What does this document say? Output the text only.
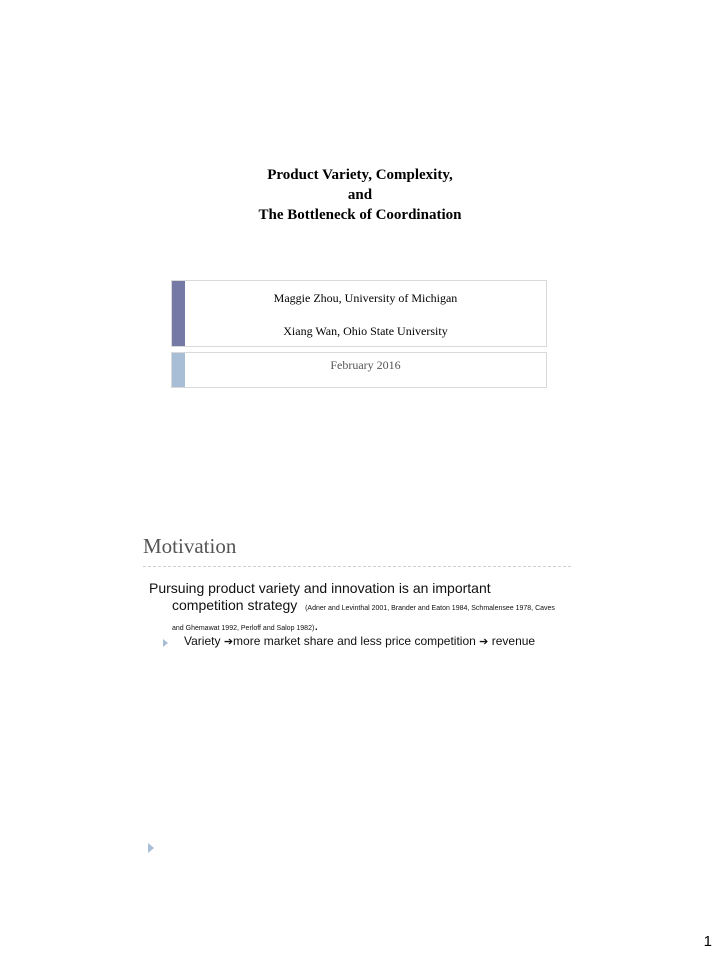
Product Variety, Complexity,
and
The Bottleneck of Coordination
Maggie Zhou, University of Michigan
Xiang Wan, Ohio State University
February 2016
Motivation
Pursuing product variety and innovation is an important
competition strategy (Adner and Levinthal 2001, Brander and Eaton 1984, Schmalensee 1978, Caves
and Ghemawat 1992, Perloff and Salop 1982).
Variety ➔more market share and less price competition ➔ revenue
1
